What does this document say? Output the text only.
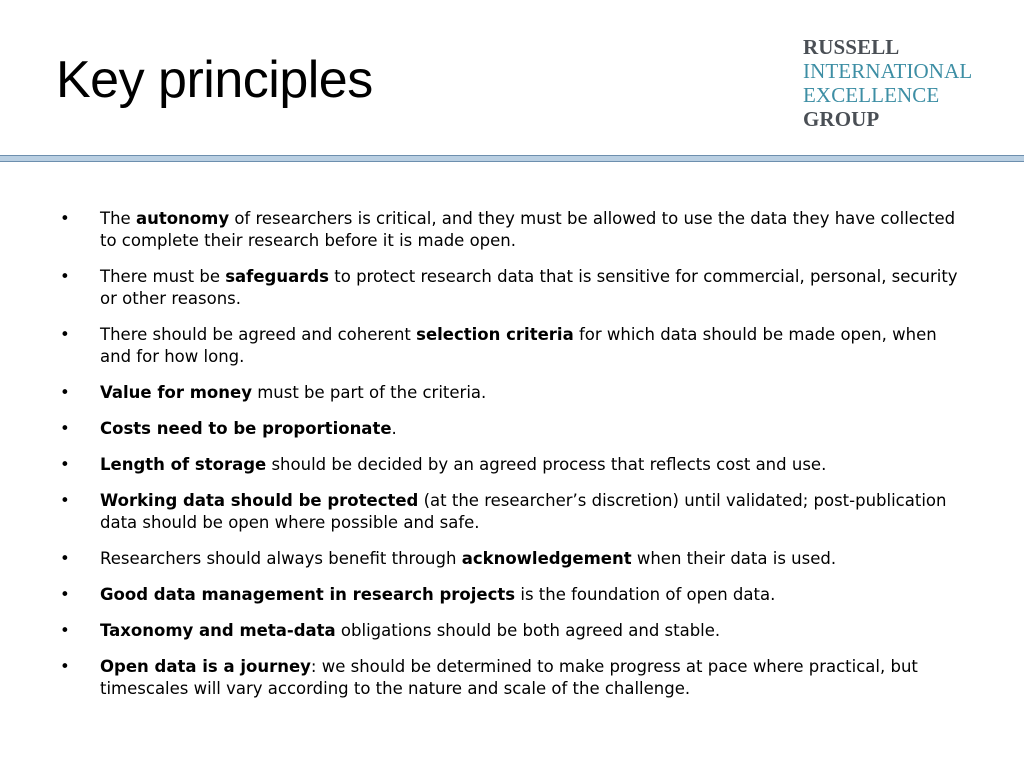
Key principles
RUSSELL
INTERNATIONAL
EXCELLENCE
GROUP
• The autonomy of researchers is critical, and they must be allowed to use the data they have collected to complete their research before it is made open.
• There must be safeguards to protect research data that is sensitive for commercial, personal, security or other reasons.
• There should be agreed and coherent selection criteria for which data should be made open, when and for how long.
• Value for money must be part of the criteria.
• Costs need to be proportionate.
• Length of storage should be decided by an agreed process that reflects cost and use.
• Working data should be protected (at the researcher’s discretion) until validated; post-publication data should be open where possible and safe.
• Researchers should always benefit through acknowledgement when their data is used.
• Good data management in research projects is the foundation of open data.
• Taxonomy and meta-data obligations should be both agreed and stable.
• Open data is a journey: we should be determined to make progress at pace where practical, but timescales will vary according to the nature and scale of the challenge.
